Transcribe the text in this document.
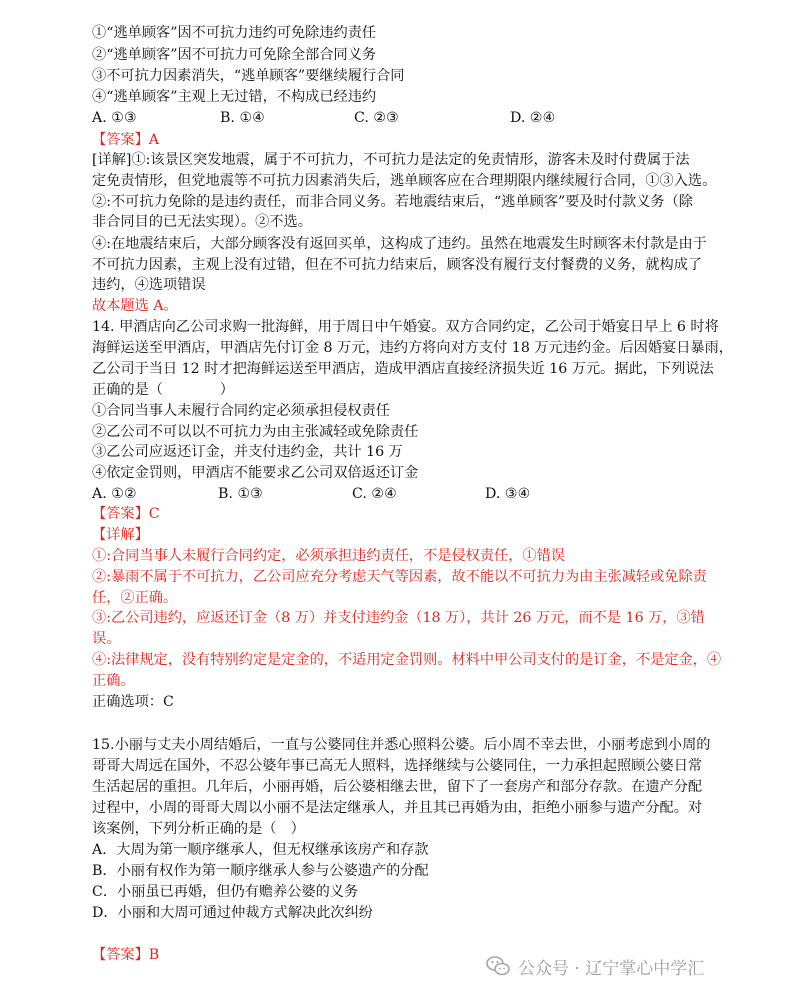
①“逃单顾客”因不可抗力违约可免除违约责任
②“逃单顾客”因不可抗力可免除全部合同义务
③不可抗力因素消失，“逃单顾客”要继续履行合同
④“逃单顾客”主观上无过错，不构成已经违约
A. ①③	B. ①④	C. ②③	D. ②④
【答案】A
[详解]①:该景区突发地震，属于不可抗力，不可抗力是法定的免责情形，游客未及时付费属于法
定免责情形，但党地震等不可抗力因素消失后，逃单顾客应在合理期限内继续履行合同，①③入选。
②:不可抗力免除的是违约责任，而非合同义务。若地震结束后，“逃单顾客”要及时付款义务（除
非合同目的已无法实现）。②不选。
④:在地震结束后，大部分顾客没有返回买单，这构成了违约。虽然在地震发生时顾客未付款是由于
不可抗力因素，主观上没有过错，但在不可抗力结束后，顾客没有履行支付餐费的义务，就构成了
违约，④选项错误
故本题选 A。
14. 甲酒店向乙公司求购一批海鲜，用于周日中午婚宴。双方合同约定，乙公司于婚宴日早上 6 时将
海鲜运送至甲酒店，甲酒店先付订金 8 万元，违约方将向对方支付 18 万元违约金。后因婚宴日暴雨，
乙公司于当日 12 时才把海鲜运送至甲酒店，造成甲酒店直接经济损失近 16 万元。据此，下列说法
正确的是（　　　　）
①合同当事人未履行合同约定必须承担侵权责任
②乙公司不可以以不可抗力为由主张减轻或免除责任
③乙公司应返还订金，并支付违约金，共计 16 万
④依定金罚则，甲酒店不能要求乙公司双倍返还订金
A. ①②	B. ①③	C. ②④	D. ③④
【答案】C
【详解】
①:合同当事人未履行合同约定，必须承担违约责任，不是侵权责任，①错误
②:暴雨不属于不可抗力，乙公司应充分考虑天气等因素，故不能以不可抗力为由主张减轻或免除责
任，②正确。
③:乙公司违约，应返还订金（8 万）并支付违约金（18 万），共计 26 万元，而不是 16 万，③错
误。
④:法律规定，没有特别约定是定金的，不适用定金罚则。材料中甲公司支付的是订金，不是定金，④
正确。
正确选项：C
15.小丽与丈夫小周结婚后，一直与公婆同住并悉心照料公婆。后小周不幸去世，小丽考虑到小周的
哥哥大周远在国外，不忍公婆年事已高无人照料，选择继续与公婆同住，一力承担起照顾公婆日常
生活起居的重担。几年后，小丽再婚，后公婆相继去世，留下了一套房产和部分存款。在遗产分配
过程中，小周的哥哥大周以小丽不是法定继承人，并且其已再婚为由，拒绝小丽参与遗产分配。对
该案例，下列分析正确的是（　）
A．大周为第一顺序继承人，但无权继承该房产和存款
B．小丽有权作为第一顺序继承人参与公婆遗产的分配
C．小丽虽已再婚，但仍有赡养公婆的义务
D．小丽和大周可通过仲裁方式解决此次纠纷
【答案】B
公众号 · 辽宁掌心中学汇
